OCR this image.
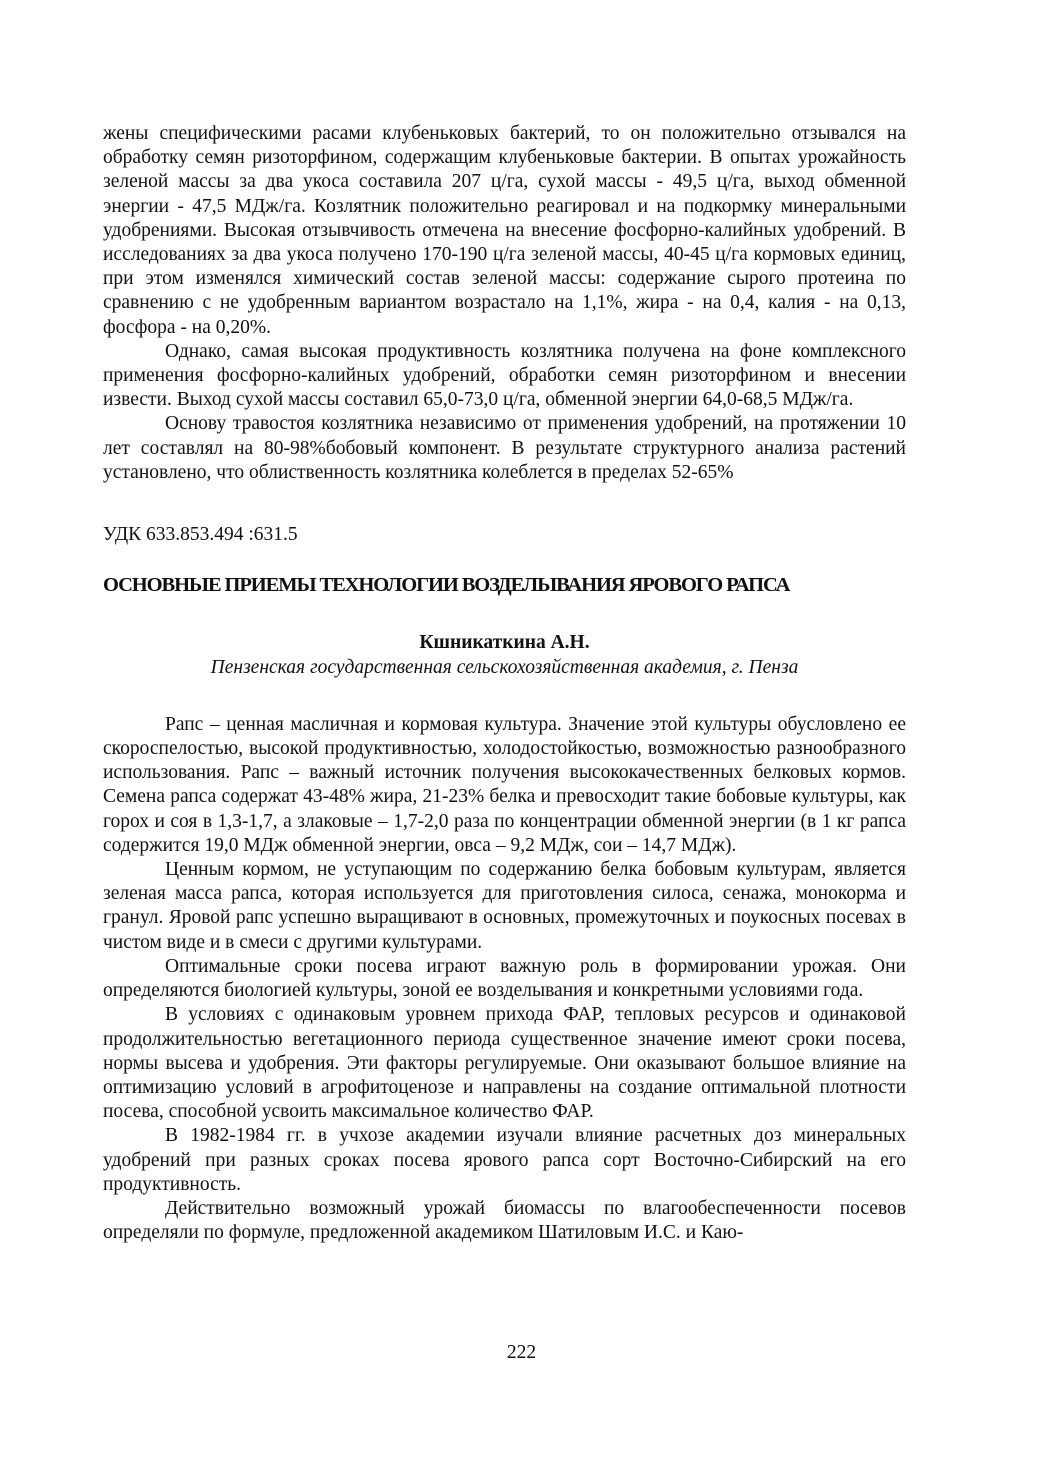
жены специфическими расами клубеньковых бактерий, то он положительно отзывался на обработку семян ризоторфином, содержащим клубеньковые бактерии. В опытах урожайность зеленой массы за два укоса составила 207 ц/га, сухой массы - 49,5 ц/га, выход обменной энергии - 47,5 МДж/га. Козлятник положительно реагировал и на подкормку минеральными удобрениями. Высокая отзывчивость отмечена на внесение фосфорно-калийных удобрений. В исследованиях за два укоса получено 170-190 ц/га зеленой массы, 40-45 ц/га кормовых единиц, при этом изменялся химический состав зеленой массы: содержание сырого протеина по сравнению с не удобренным вариантом возрастало на 1,1%, жира - на 0,4, калия - на 0,13, фосфора - на 0,20%.

Однако, самая высокая продуктивность козлятника получена на фоне комплексного применения фосфорно-калийных удобрений, обработки семян ризоторфином и внесении извести. Выход сухой массы составил 65,0-73,0 ц/га, обменной энергии 64,0-68,5 МДж/га.

Основу травостоя козлятника независимо от применения удобрений, на протяжении 10 лет составлял на 80-98%бобовый компонент. В результате структурного анализа растений установлено, что облиственность козлятника колеблется в пределах 52-65%

УДК 633.853.494 :631.5

ОСНОВНЫЕ ПРИЕМЫ ТЕХНОЛОГИИ ВОЗДЕЛЫВАНИЯ ЯРОВОГО РАПСА

Кшникаткина А.Н.

Пензенская государственная сельскохозяйственная академия, г. Пенза

Рапс – ценная масличная и кормовая культура. Значение этой культуры обусловлено ее скороспелостью, высокой продуктивностью, холодостойкостью, возможностью разнообразного использования. Рапс – важный источник получения высококачественных белковых кормов. Семена рапса содержат 43-48% жира, 21-23% белка и превосходит такие бобовые культуры, как горох и соя в 1,3-1,7, а злаковые – 1,7-2,0 раза по концентрации обменной энергии (в 1 кг рапса содержится 19,0 МДж обменной энергии, овса – 9,2 МДж, сои – 14,7 МДж).

Ценным кормом, не уступающим по содержанию белка бобовым культурам, является зеленая масса рапса, которая используется для приготовления силоса, сенажа, монокорма и гранул. Яровой рапс успешно выращивают в основных, промежуточных и поукосных посевах в чистом виде и в смеси с другими культурами.

Оптимальные сроки посева играют важную роль в формировании урожая. Они определяются биологией культуры, зоной ее возделывания и конкретными условиями года.

В условиях с одинаковым уровнем прихода ФАР, тепловых ресурсов и одинаковой продолжительностью вегетационного периода существенное значение имеют сроки посева, нормы высева и удобрения. Эти факторы регулируемые. Они оказывают большое влияние на оптимизацию условий в агрофитоценозе и направлены на создание оптимальной плотности посева, способной усвоить максимальное количество ФАР.

В 1982-1984 гг. в учхозе академии изучали влияние расчетных доз минеральных удобрений при разных сроках посева ярового рапса сорт Восточно-Сибирский на его продуктивность.

Действительно возможный урожай биомассы по влагообеспеченности посевов определяли по формуле, предложенной академиком Шатиловым И.С. и Каю-

222
